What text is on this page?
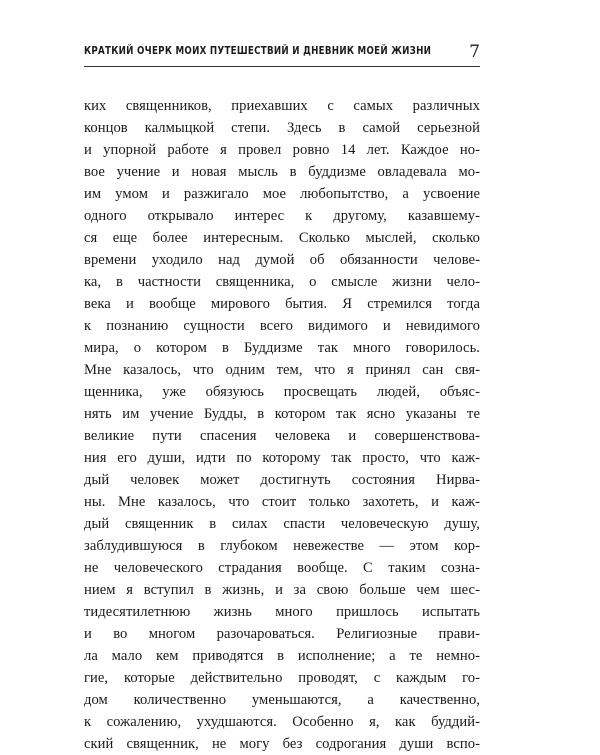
КРАТКИЙ ОЧЕРК МОИХ ПУТЕШЕСТВИЙ И ДНЕВНИК МОЕЙ ЖИЗНИ 7
ких священников, приехавших с самых различных
концов калмыцкой степи. Здесь в самой серьезной
и упорной работе я провел ровно 14 лет. Каждое но-
вое учение и новая мысль в буддизме овладевала мо-
им умом и разжигало мое любопытство, а усвоение
одного открывало интерес к другому, казавшему-
ся еще более интересным. Сколько мыслей, сколько
времени уходило над думой об обязанности челове-
ка, в частности священника, о смысле жизни чело-
века и вообще мирового бытия. Я стремился тогда
к познанию сущности всего видимого и невидимого
мира, о котором в Буддизме так много говорилось.
Мне казалось, что одним тем, что я принял сан свя-
щенника, уже обязуюсь просвещать людей, объяс-
нять им учение Будды, в котором так ясно указаны те
великие пути спасения человека и совершенствова-
ния его души, идти по которому так просто, что каж-
дый человек может достигнуть состояния Нирва-
ны. Мне казалось, что стоит только захотеть, и каж-
дый священник в силах спасти человеческую душу,
заблудившуюся в глубоком невежестве — этом кор-
не человеческого страдания вообще. С таким созна-
нием я вступил в жизнь, и за свою больше чем шес-
тидесятилетнюю жизнь много пришлось испытать
и во многом разочароваться. Религиозные прави-
ла мало кем приводятся в исполнение; а те немно-
гие, которые действительно проводят, с каждым го-
дом количественно уменьшаются, а качественно,
к сожалению, ухудшаются. Особенно я, как буддий-
ский священник, не могу без содрогания души вспо-
